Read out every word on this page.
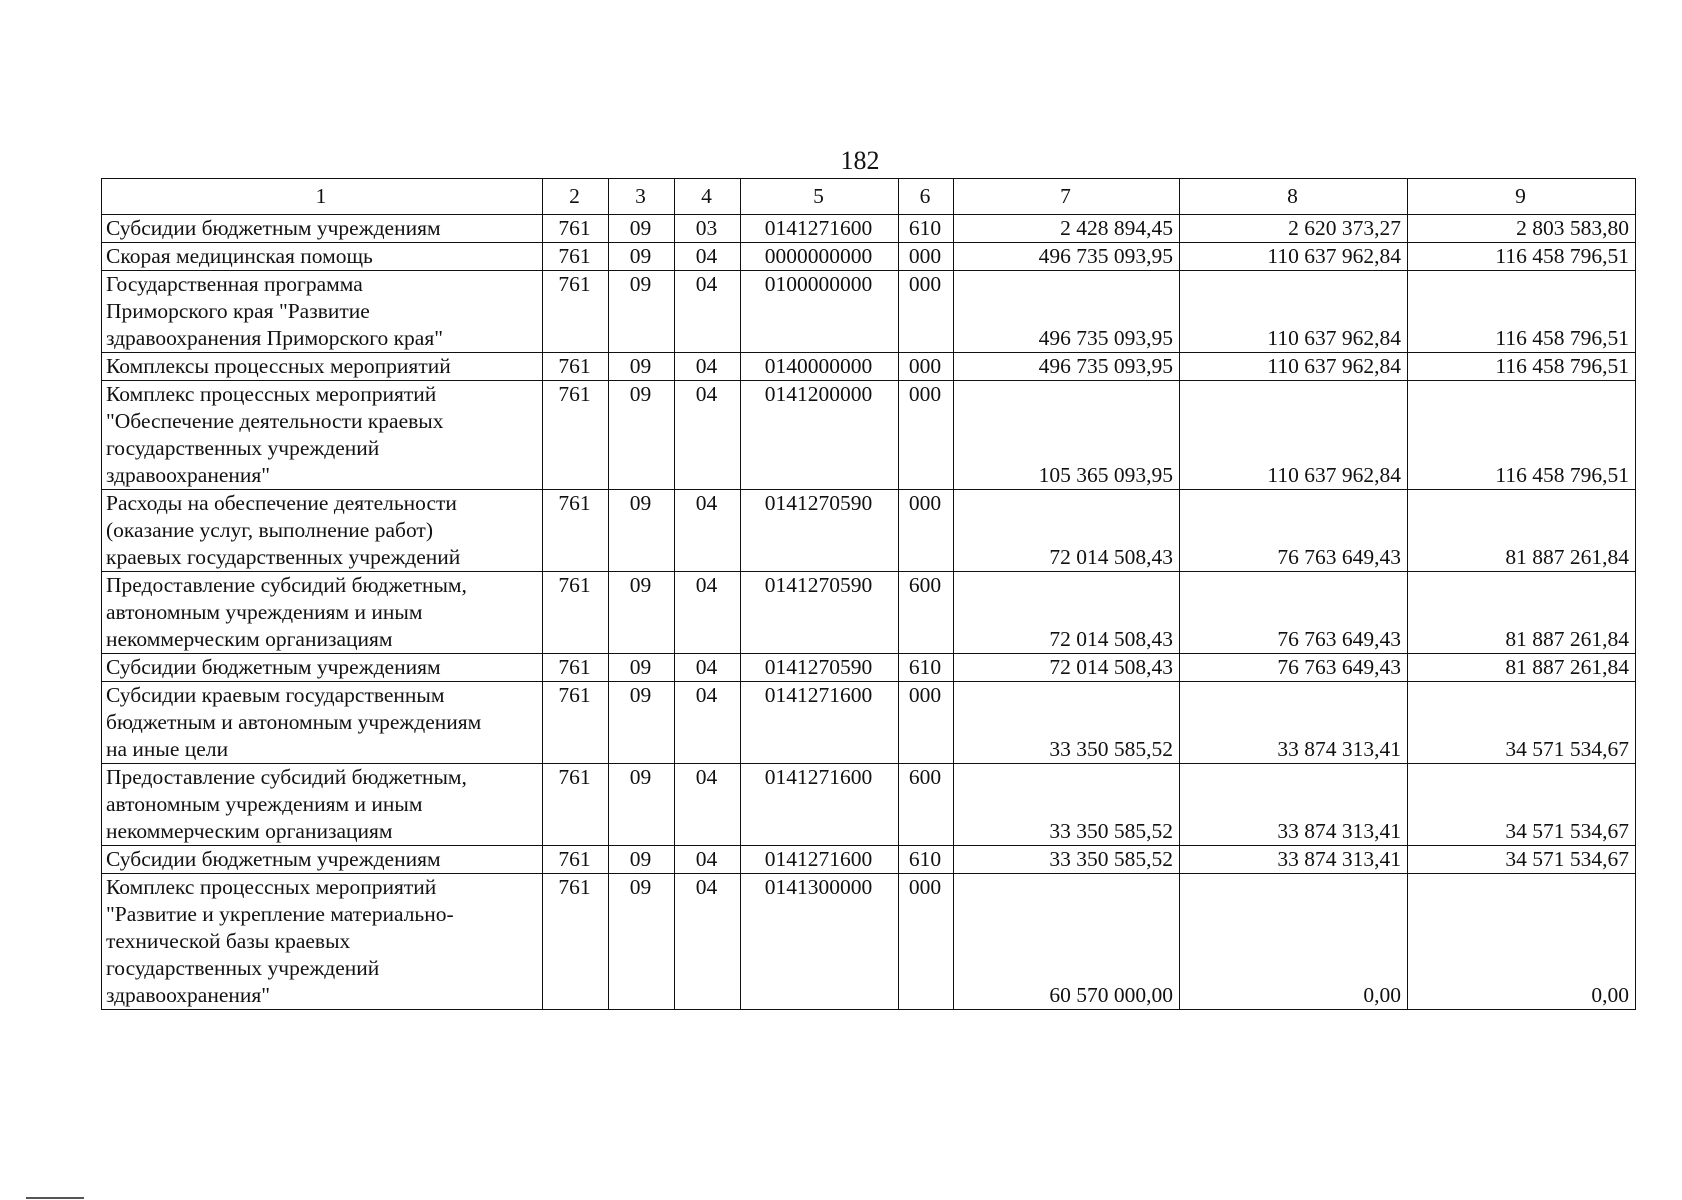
182
1	2	3	4	5	6	7	8	9

Субсидии бюджетным учреждениям	761	09	03	0141271600	610	2 428 894,45	2 620 373,27	2 803 583,80

Скорая медицинская помощь	761	09	04	0000000000	000	496 735 093,95	110 637 962,84	116 458 796,51

Государственная программа
Приморского края "Развитие
здравоохранения Приморского края"	761	09	04	0100000000	000	496 735 093,95	110 637 962,84	116 458 796,51

Комплексы процессных мероприятий	761	09	04	0140000000	000	496 735 093,95	110 637 962,84	116 458 796,51

Комплекс процессных мероприятий
"Обеспечение деятельности краевых
государственных учреждений
здравоохранения"	761	09	04	0141200000	000	105 365 093,95	110 637 962,84	116 458 796,51

Расходы на обеспечение деятельности
(оказание услуг, выполнение работ)
краевых государственных учреждений	761	09	04	0141270590	000	72 014 508,43	76 763 649,43	81 887 261,84

Предоставление субсидий бюджетным,
автономным учреждениям и иным
некоммерческим организациям	761	09	04	0141270590	600	72 014 508,43	76 763 649,43	81 887 261,84

Субсидии бюджетным учреждениям	761	09	04	0141270590	610	72 014 508,43	76 763 649,43	81 887 261,84

Субсидии краевым государственным
бюджетным и автономным учреждениям
на иные цели	761	09	04	0141271600	000	33 350 585,52	33 874 313,41	34 571 534,67

Предоставление субсидий бюджетным,
автономным учреждениям и иным
некоммерческим организациям	761	09	04	0141271600	600	33 350 585,52	33 874 313,41	34 571 534,67

Субсидии бюджетным учреждениям	761	09	04	0141271600	610	33 350 585,52	33 874 313,41	34 571 534,67

Комплекс процессных мероприятий
"Развитие и укрепление материально-
технической базы краевых
государственных учреждений
здравоохранения"	761	09	04	0141300000	000	60 570 000,00	0,00	0,00
